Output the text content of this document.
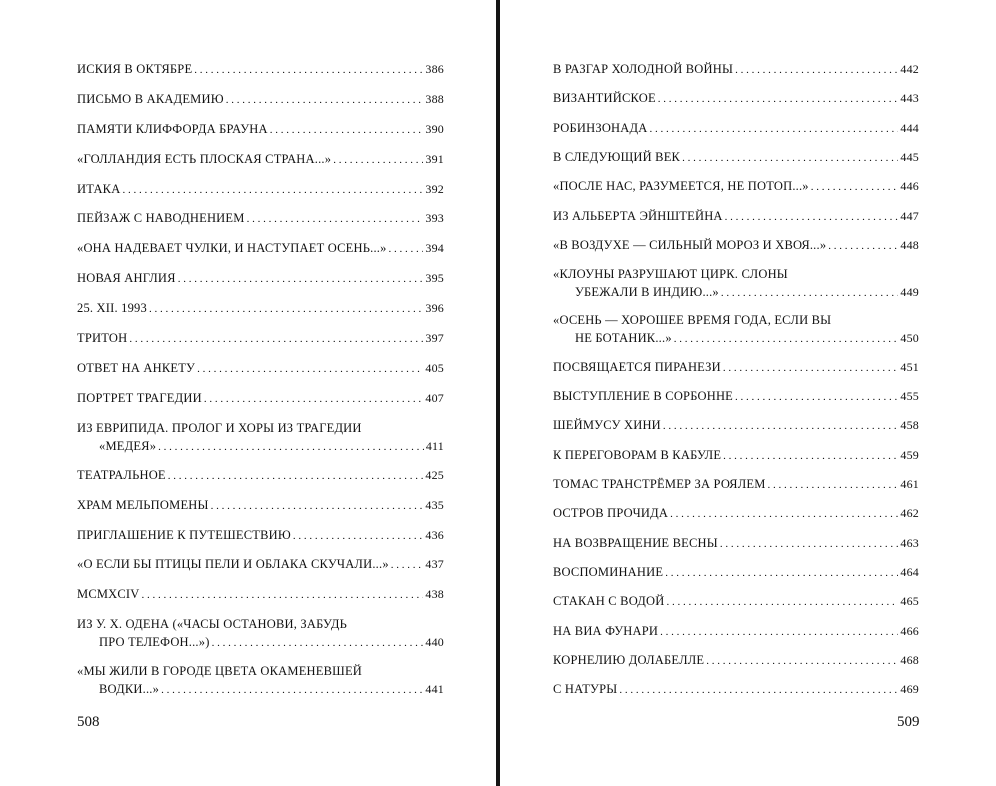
ИСКИЯ В ОКТЯБРЕ . . .	386
ПИСЬМО В АКАДЕМИЮ . . .	388
ПАМЯТИ КЛИФФОРДА БРАУНА . . .	390
«ГОЛЛАНДИЯ ЕСТЬ ПЛОСКАЯ СТРАНА...» . . .	391
ИТАКА . . .	392
ПЕЙЗАЖ С НАВОДНЕНИЕМ . . .	393
«ОНА НАДЕВАЕТ ЧУЛКИ, И НАСТУПАЕТ ОСЕНЬ...» . . .	394
НОВАЯ АНГЛИЯ . . .	395
25. XII. 1993 . . .	396
ТРИТОН . . .	397
ОТВЕТ НА АНКЕТУ . . .	405
ПОРТРЕТ ТРАГЕДИИ . . .	407
ИЗ ЕВРИПИДА. ПРОЛОГ И ХОРЫ ИЗ ТРАГЕДИИ
«МЕДЕЯ» . . .	411
ТЕАТРАЛЬНОЕ . . .	425
ХРАМ МЕЛЬПОМЕНЫ . . .	435
ПРИГЛАШЕНИЕ К ПУТЕШЕСТВИЮ . . .	436
«О ЕСЛИ БЫ ПТИЦЫ ПЕЛИ И ОБЛАКА СКУЧАЛИ...» . . .	437
MCMXCIV . . .	438
ИЗ У. Х. ОДЕНА («ЧАСЫ ОСТАНОВИ, ЗАБУДЬ
ПРО ТЕЛЕФОН...») . . .	440
«МЫ ЖИЛИ В ГОРОДЕ ЦВЕТА ОКАМЕНЕВШЕЙ
ВОДКИ...» . . .	441
508
В РАЗГАР ХОЛОДНОЙ ВОЙНЫ . . .	442
ВИЗАНТИЙСКОЕ . . .	443
РОБИНЗОНАДА . . .	444
В СЛЕДУЮЩИЙ ВЕК . . .	445
«ПОСЛЕ НАС, РАЗУМЕЕТСЯ, НЕ ПОТОП...» . . .	446
ИЗ АЛЬБЕРТА ЭЙНШТЕЙНА . . .	447
«В ВОЗДУХЕ — СИЛЬНЫЙ МОРОЗ И ХВОЯ...» . . .	448
«КЛОУНЫ РАЗРУШАЮТ ЦИРК. СЛОНЫ
УБЕЖАЛИ В ИНДИЮ...» . . .	449
«ОСЕНЬ — ХОРОШЕЕ ВРЕМЯ ГОДА, ЕСЛИ ВЫ
НЕ БОТАНИК...» . . .	450
ПОСВЯЩАЕТСЯ ПИРАНЕЗИ . . .	451
ВЫСТУПЛЕНИЕ В СОРБОННЕ . . .	455
ШЕЙМУСУ ХИНИ . . .	458
К ПЕРЕГОВОРАМ В КАБУЛЕ . . .	459
ТОМАС ТРАНСТРЁМЕР ЗА РОЯЛЕМ . . .	461
ОСТРОВ ПРОЧИДА . . .	462
НА ВОЗВРАЩЕНИЕ ВЕСНЫ . . .	463
ВОСПОМИНАНИЕ . . .	464
СТАКАН С ВОДОЙ . . .	465
НА ВИА ФУНАРИ . . .	466
КОРНЕЛИЮ ДОЛАБЕЛЛЕ . . .	468
С НАТУРЫ . . .	469
509
